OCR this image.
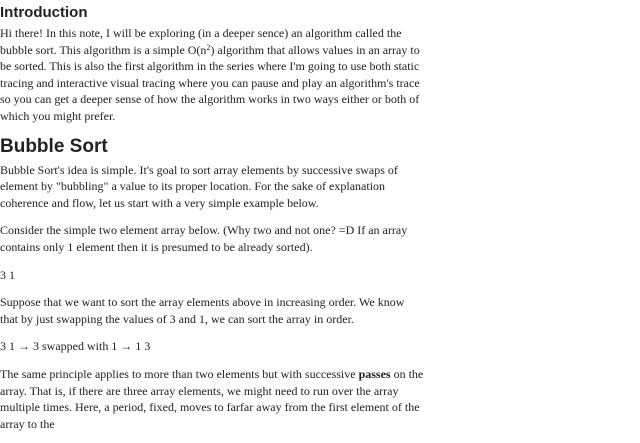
Introduction

Hi there! In this note, I will be exploring (in a deeper sence) an algorithm called the bubble sort. This algorithm is a simple $O(n^2)$ algorithm that allows values in an array to be sorted. This is also the first algorithm in the series where I'm going to use both static tracing and interactive visual tracing where you can pause and play an algorithm's trace so you can get a deeper sense of how the algorithm works in two ways either or both of which you might prefer.

Bubble Sort

Bubble Sort's idea is simple. It's goal to sort array elements by successive swaps of element by "bubbling" a value to its proper location. For the sake of explanation coherence and flow, let us start with a very simple example below.

Consider the simple two element array below. (Why two and not one? =D If an array contains only 1 element then it is presumed to be already sorted).

3 1

Suppose that we want to sort the array elements above in increasing order. We know that by just swapping the values of 3 and 1, we can sort the array in order.

3 1 → 3 swapped with 1 → 1 3

The same principle applies to more than two elements but with successive passes on the array. That is, if there are three array elements, we might need to run over the array multiple times. Here, a period, fixed, moves to farfar away from the first element of the array to the
